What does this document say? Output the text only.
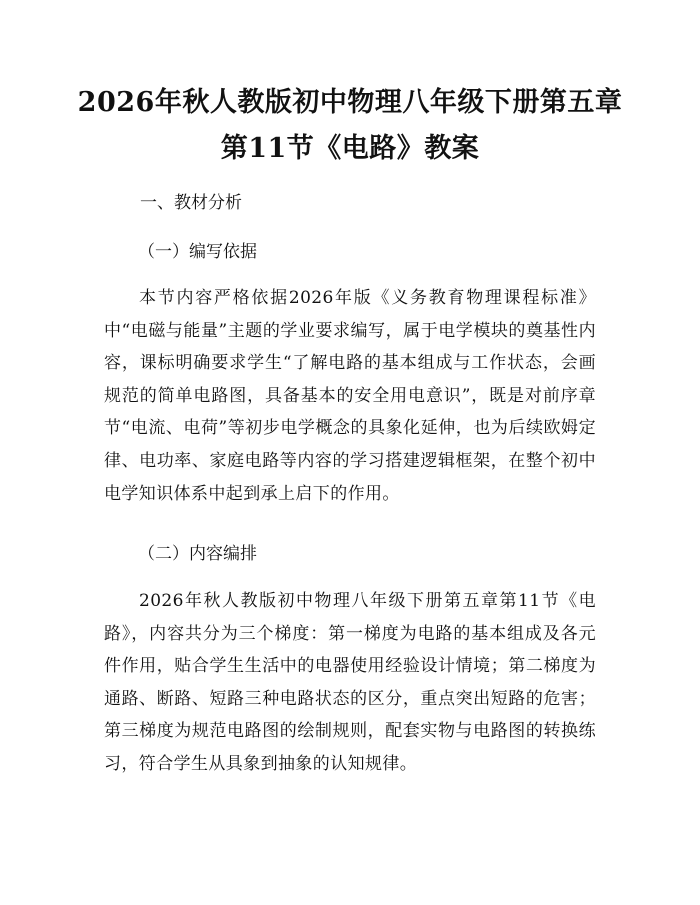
2026年秋人教版初中物理八年级下册第五章
第11节《电路》教案
一、教材分析
（一）编写依据
本节内容严格依据2026年版《义务教育物理课程标准》中“电磁与能量”主题的学业要求编写，属于电学模块的奠基性内容，课标明确要求学生“了解电路的基本组成与工作状态，会画规范的简单电路图，具备基本的安全用电意识”，既是对前序章节“电流、电荷”等初步电学概念的具象化延伸，也为后续欧姆定律、电功率、家庭电路等内容的学习搭建逻辑框架，在整个初中电学知识体系中起到承上启下的作用。
（二）内容编排
2026年秋人教版初中物理八年级下册第五章第11节《电路》，内容共分为三个梯度：第一梯度为电路的基本组成及各元件作用，贴合学生生活中的电器使用经验设计情境；第二梯度为通路、断路、短路三种电路状态的区分，重点突出短路的危害；第三梯度为规范电路图的绘制规则，配套实物与电路图的转换练习，符合学生从具象到抽象的认知规律。
